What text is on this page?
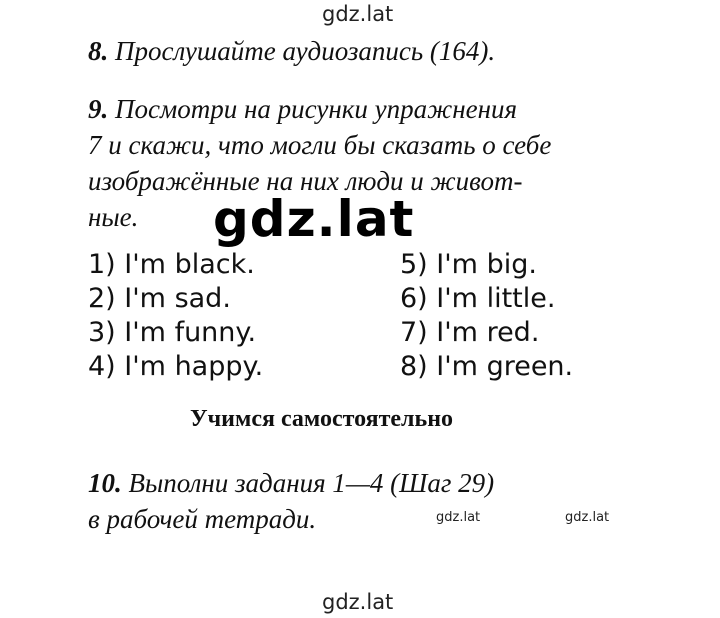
gdz.lat
8. Прослушайте аудиозапись (164).
9. Посмотри на рисунки упражнения
7 и скажи, что могли бы сказать о себе
изображённые на них люди и живот-
ные.	gdz.lat
1) I'm black.
2) I'm sad.
3) I'm funny.
4) I'm happy.
5) I'm big.
6) I'm little.
7) I'm red.
8) I'm green.
Учимся самостоятельно
10. Выполни задания 1—4 (Шаг 29)
в рабочей тетради.	gdz.lat	gdz.lat
gdz.lat
